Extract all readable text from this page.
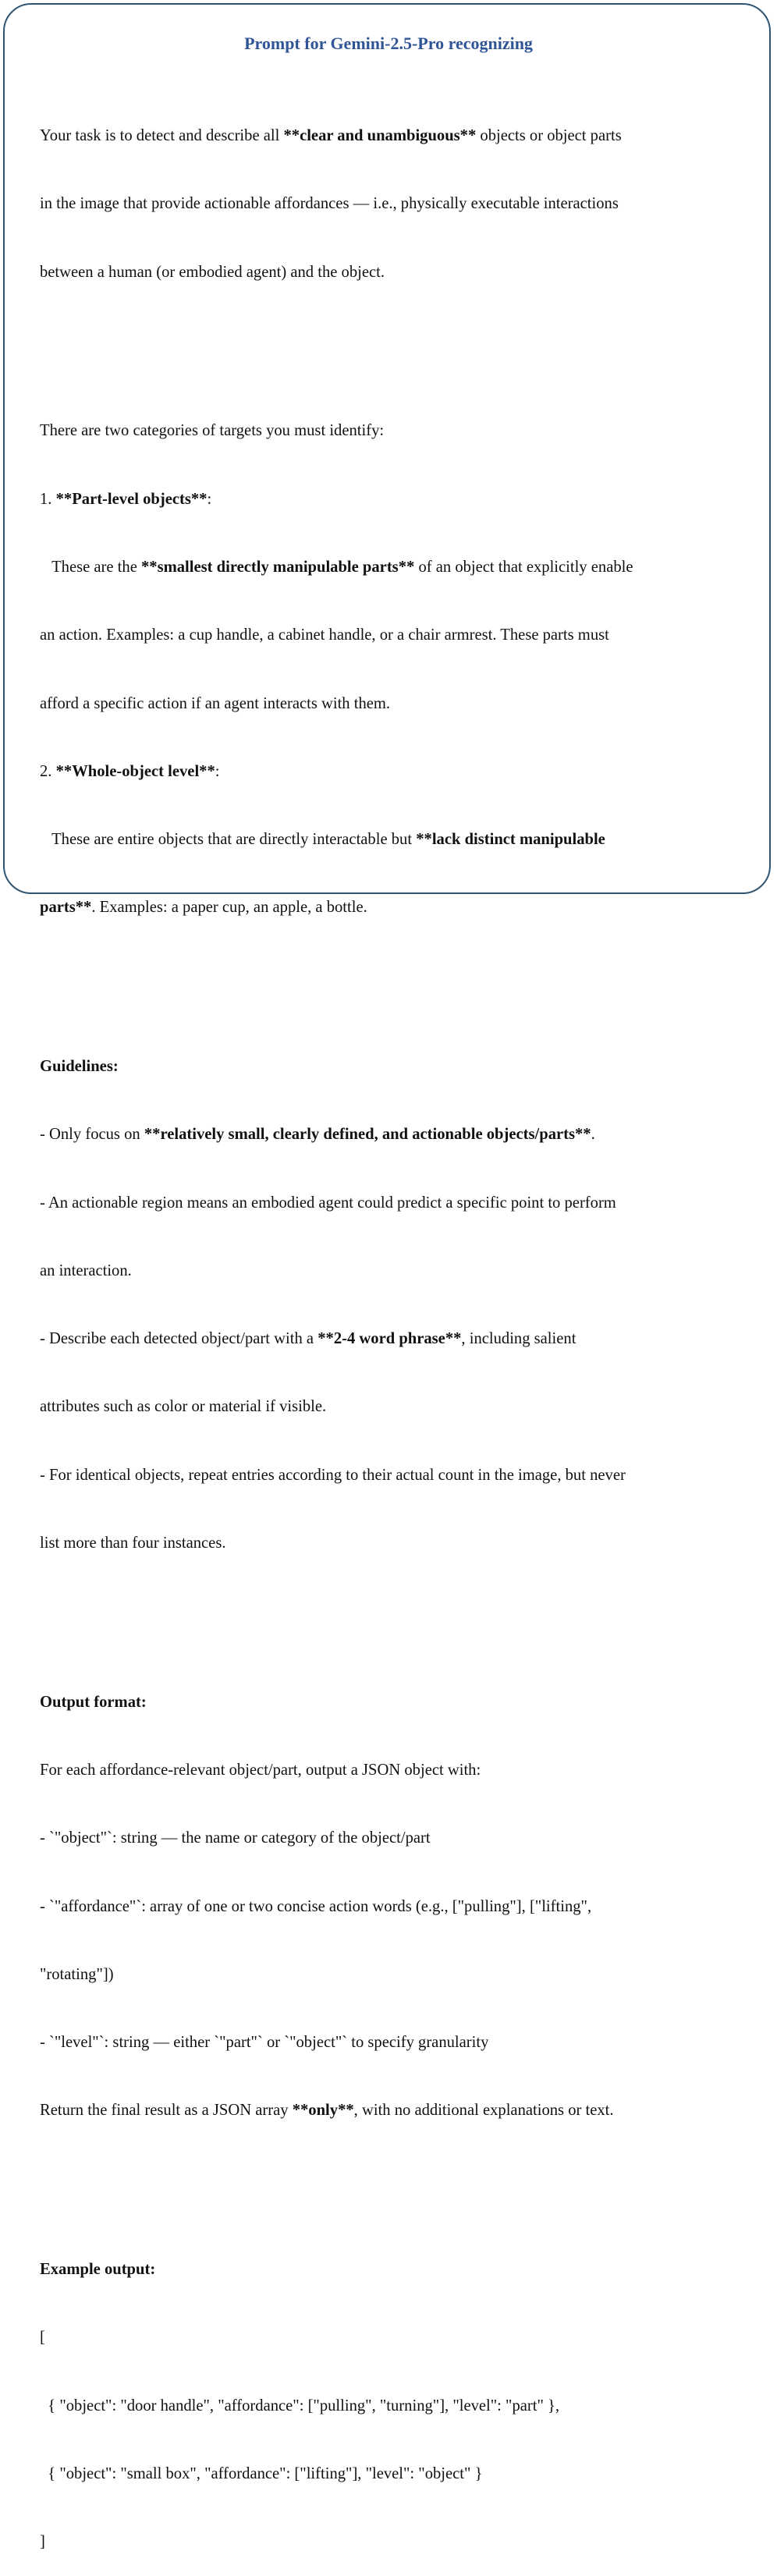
Prompt for Gemini-2.5-Pro recognizing

Your task is to detect and describe all **clear and unambiguous** objects or object parts

in the image that provide actionable affordances — i.e., physically executable interactions

between a human (or embodied agent) and the object.

There are two categories of targets you must identify:

1. **Part-level objects**:

These are the **smallest directly manipulable parts** of an object that explicitly enable

an action. Examples: a cup handle, a cabinet handle, or a chair armrest. These parts must

afford a specific action if an agent interacts with them.

2. **Whole-object level**:

These are entire objects that are directly interactable but **lack distinct manipulable

parts**. Examples: a paper cup, an apple, a bottle.

Guidelines:

- Only focus on **relatively small, clearly defined, and actionable objects/parts**.

- An actionable region means an embodied agent could predict a specific point to perform

an interaction.

- Describe each detected object/part with a **2-4 word phrase**, including salient

attributes such as color or material if visible.

- For identical objects, repeat entries according to their actual count in the image, but never

list more than four instances.

Output format:

For each affordance-relevant object/part, output a JSON object with:

- `"object"`: string — the name or category of the object/part

- `"affordance"`: array of one or two concise action words (e.g., ["pulling"], ["lifting",

"rotating"])

- `"level"`: string — either `"part"` or `"object"` to specify granularity

Return the final result as a JSON array **only**, with no additional explanations or text.

Example output:

[

{ "object": "door handle", "affordance": ["pulling", "turning"], "level": "part" },

{ "object": "small box", "affordance": ["lifting"], "level": "object" }

]
